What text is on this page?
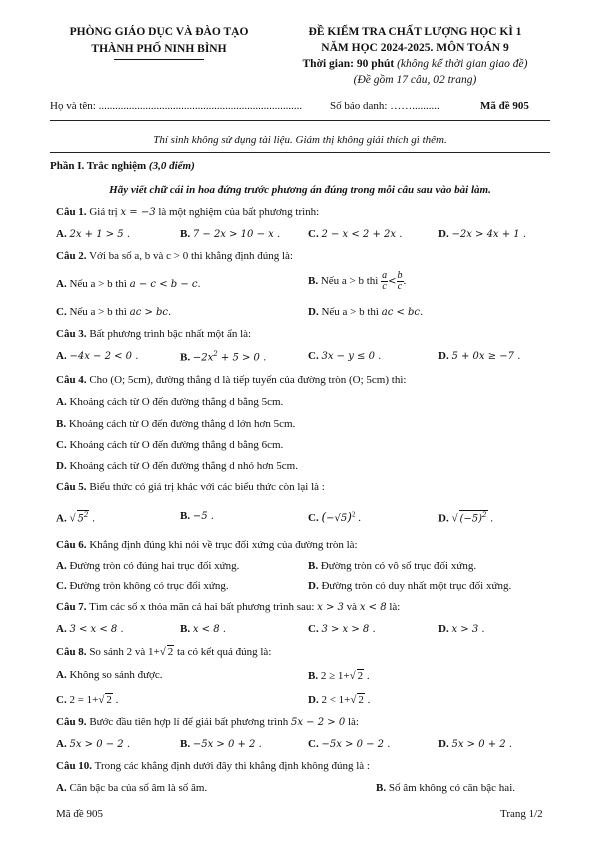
PHÒNG GIÁO DỤC VÀ ĐÀO TẠO
THÀNH PHỐ NINH BÌNH
ĐỀ KIỂM TRA CHẤT LƯỢNG HỌC KÌ 1
NĂM HỌC 2024-2025. MÔN TOÁN 9
Thời gian: 90 phút (không kể thời gian giao đề)
(Đề gồm 17 câu, 02 trang)
Họ và tên: ..........................................................................	Số báo danh: ……..........	Mã đề 905
Thí sinh không sử dụng tài liệu. Giám thị không giải thích gì thêm.
Phần I. Trắc nghiệm (3,0 điểm)
Hãy viết chữ cái in hoa đứng trước phương án đúng trong mỗi câu sau vào bài làm.
Câu 1. Giá trị x = −3 là một nghiệm của bất phương trình:
A. 2x + 1 > 5 .	B. 7 − 2x > 10 − x .	C. 2 − x < 2 + 2x .	D. −2x > 4x + 1 .
Câu 2. Với ba số a, b và c > 0 thì khẳng định đúng là:
A. Nếu a > b thì a − c < b − c.	B. Nếu a > b thì $\frac{a}{c} < \frac{b}{c}$ .
C. Nếu a > b thì ac > bc.	D. Nếu a > b thì ac < bc.
Câu 3. Bất phương trình bậc nhất một ẩn là:
A. −4x − 2 < 0 .	B. $-2x^2 + 5 > 0$ .	C. 3x − y ≤ 0 .	D. 5 + 0x ≥ −7 .
Câu 4. Cho (O; 5cm), đường thẳng d là tiếp tuyến của đường tròn (O; 5cm) thì:
A. Khoảng cách từ O đến đường thẳng d bằng 5cm.
B. Khoảng cách từ O đến đường thẳng d lớn hơn 5cm.
C. Khoảng cách từ O đến đường thẳng d bằng 6cm.
D. Khoảng cách từ O đến đường thẳng d nhỏ hơn 5cm.
Câu 5. Biểu thức có giá trị khác với các biểu thức còn lại là :
A. √ $5^2$ .	B. −5 .	C. $(-√5)^2$ .	D. √ $(-5)^2$ .
Câu 6. Khẳng định đúng khi nói về trục đối xứng của đường tròn là:
A. Đường tròn có đúng hai trục đối xứng.	B. Đường tròn có vô số trục đối xứng.
C. Đường tròn không có trục đối xứng.	D. Đường tròn có duy nhất một trục đối xứng.
Câu 7. Tìm các số x thỏa mãn cả hai bất phương trình sau: x > 3 và x < 8 là:
A. 3 < x < 8 .	B. x < 8 .	C. 3 > x > 8 .	D. x > 3 .
Câu 8. So sánh 2 và 1+√ 2 ta có kết quả đúng là:
A. Không so sánh được.	B. 2 ≥ 1+√ 2 .
C. 2 = 1+√ 2 .	D. 2 < 1+√ 2 .
Câu 9. Bước đầu tiên hợp lí để giải bất phương trình 5x − 2 > 0 là:
A. 5x > 0 − 2 .	B. −5x > 0 + 2 .	C. −5x > 0 − 2 .	D. 5x > 0 + 2 .
Câu 10. Trong các khẳng định dưới đây thì khẳng định không đúng là :
A. Căn bậc ba của số âm là số âm.	B. Số âm không có căn bậc hai.
Mã đề 905	Trang 1/2
